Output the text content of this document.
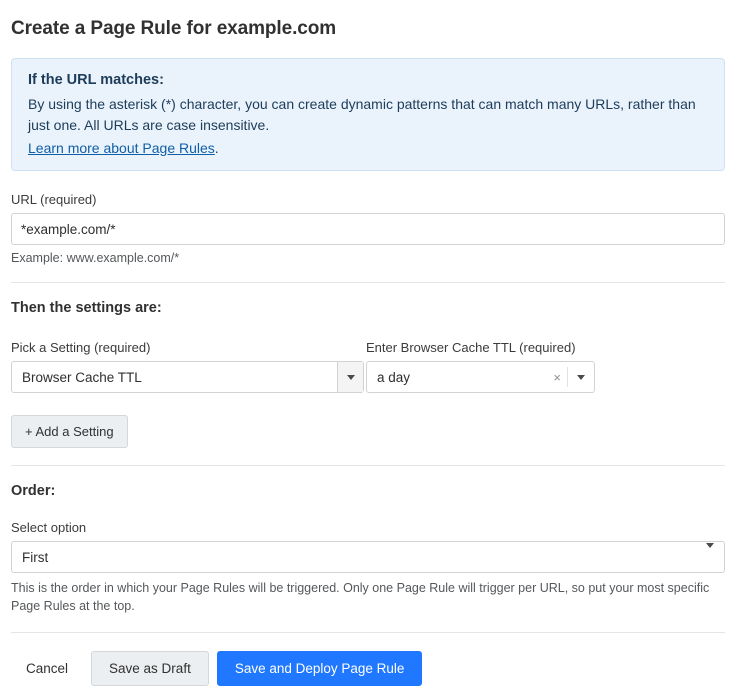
Create a Page Rule for example.com
If the URL matches:
By using the asterisk (*) character, you can create dynamic patterns that can match many URLs, rather than just one. All URLs are case insensitive.
Learn more about Page Rules.
URL (required)
*example.com/*
Example: www.example.com/*
Then the settings are:
Pick a Setting (required)
Browser Cache TTL
Enter Browser Cache TTL (required)
a day	×
+ Add a Setting
Order:
Select option
First
This is the order in which your Page Rules will be triggered. Only one Page Rule will trigger per URL, so put your most specific Page Rules at the top.
Cancel	Save as Draft	Save and Deploy Page Rule
